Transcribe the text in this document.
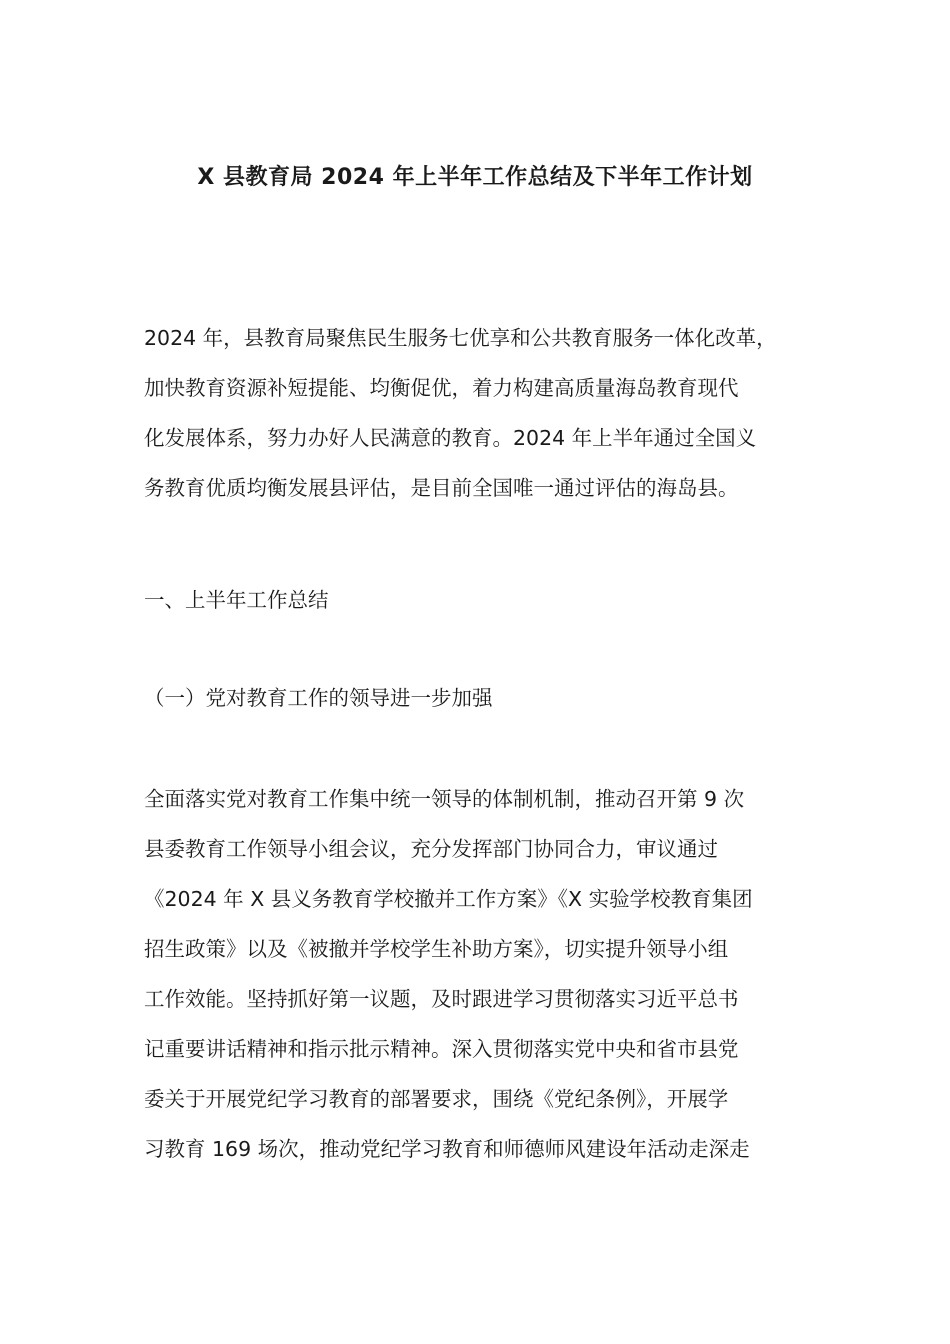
X 县教育局 2024 年上半年工作总结及下半年工作计划
2024 年，县教育局聚焦民生服务七优享和公共教育服务一体化改革，
加快教育资源补短提能、均衡促优，着力构建高质量海岛教育现代
化发展体系，努力办好人民满意的教育。2024 年上半年通过全国义
务教育优质均衡发展县评估，是目前全国唯一通过评估的海岛县。
一、上半年工作总结
（一）党对教育工作的领导进一步加强
全面落实党对教育工作集中统一领导的体制机制，推动召开第 9 次
县委教育工作领导小组会议，充分发挥部门协同合力，审议通过
《2024 年 X 县义务教育学校撤并工作方案》《X 实验学校教育集团
招生政策》以及《被撤并学校学生补助方案》，切实提升领导小组
工作效能。坚持抓好第一议题，及时跟进学习贯彻落实习近平总书
记重要讲话精神和指示批示精神。深入贯彻落实党中央和省市县党
委关于开展党纪学习教育的部署要求，围绕《党纪条例》，开展学
习教育 169 场次，推动党纪学习教育和师德师风建设年活动走深走
